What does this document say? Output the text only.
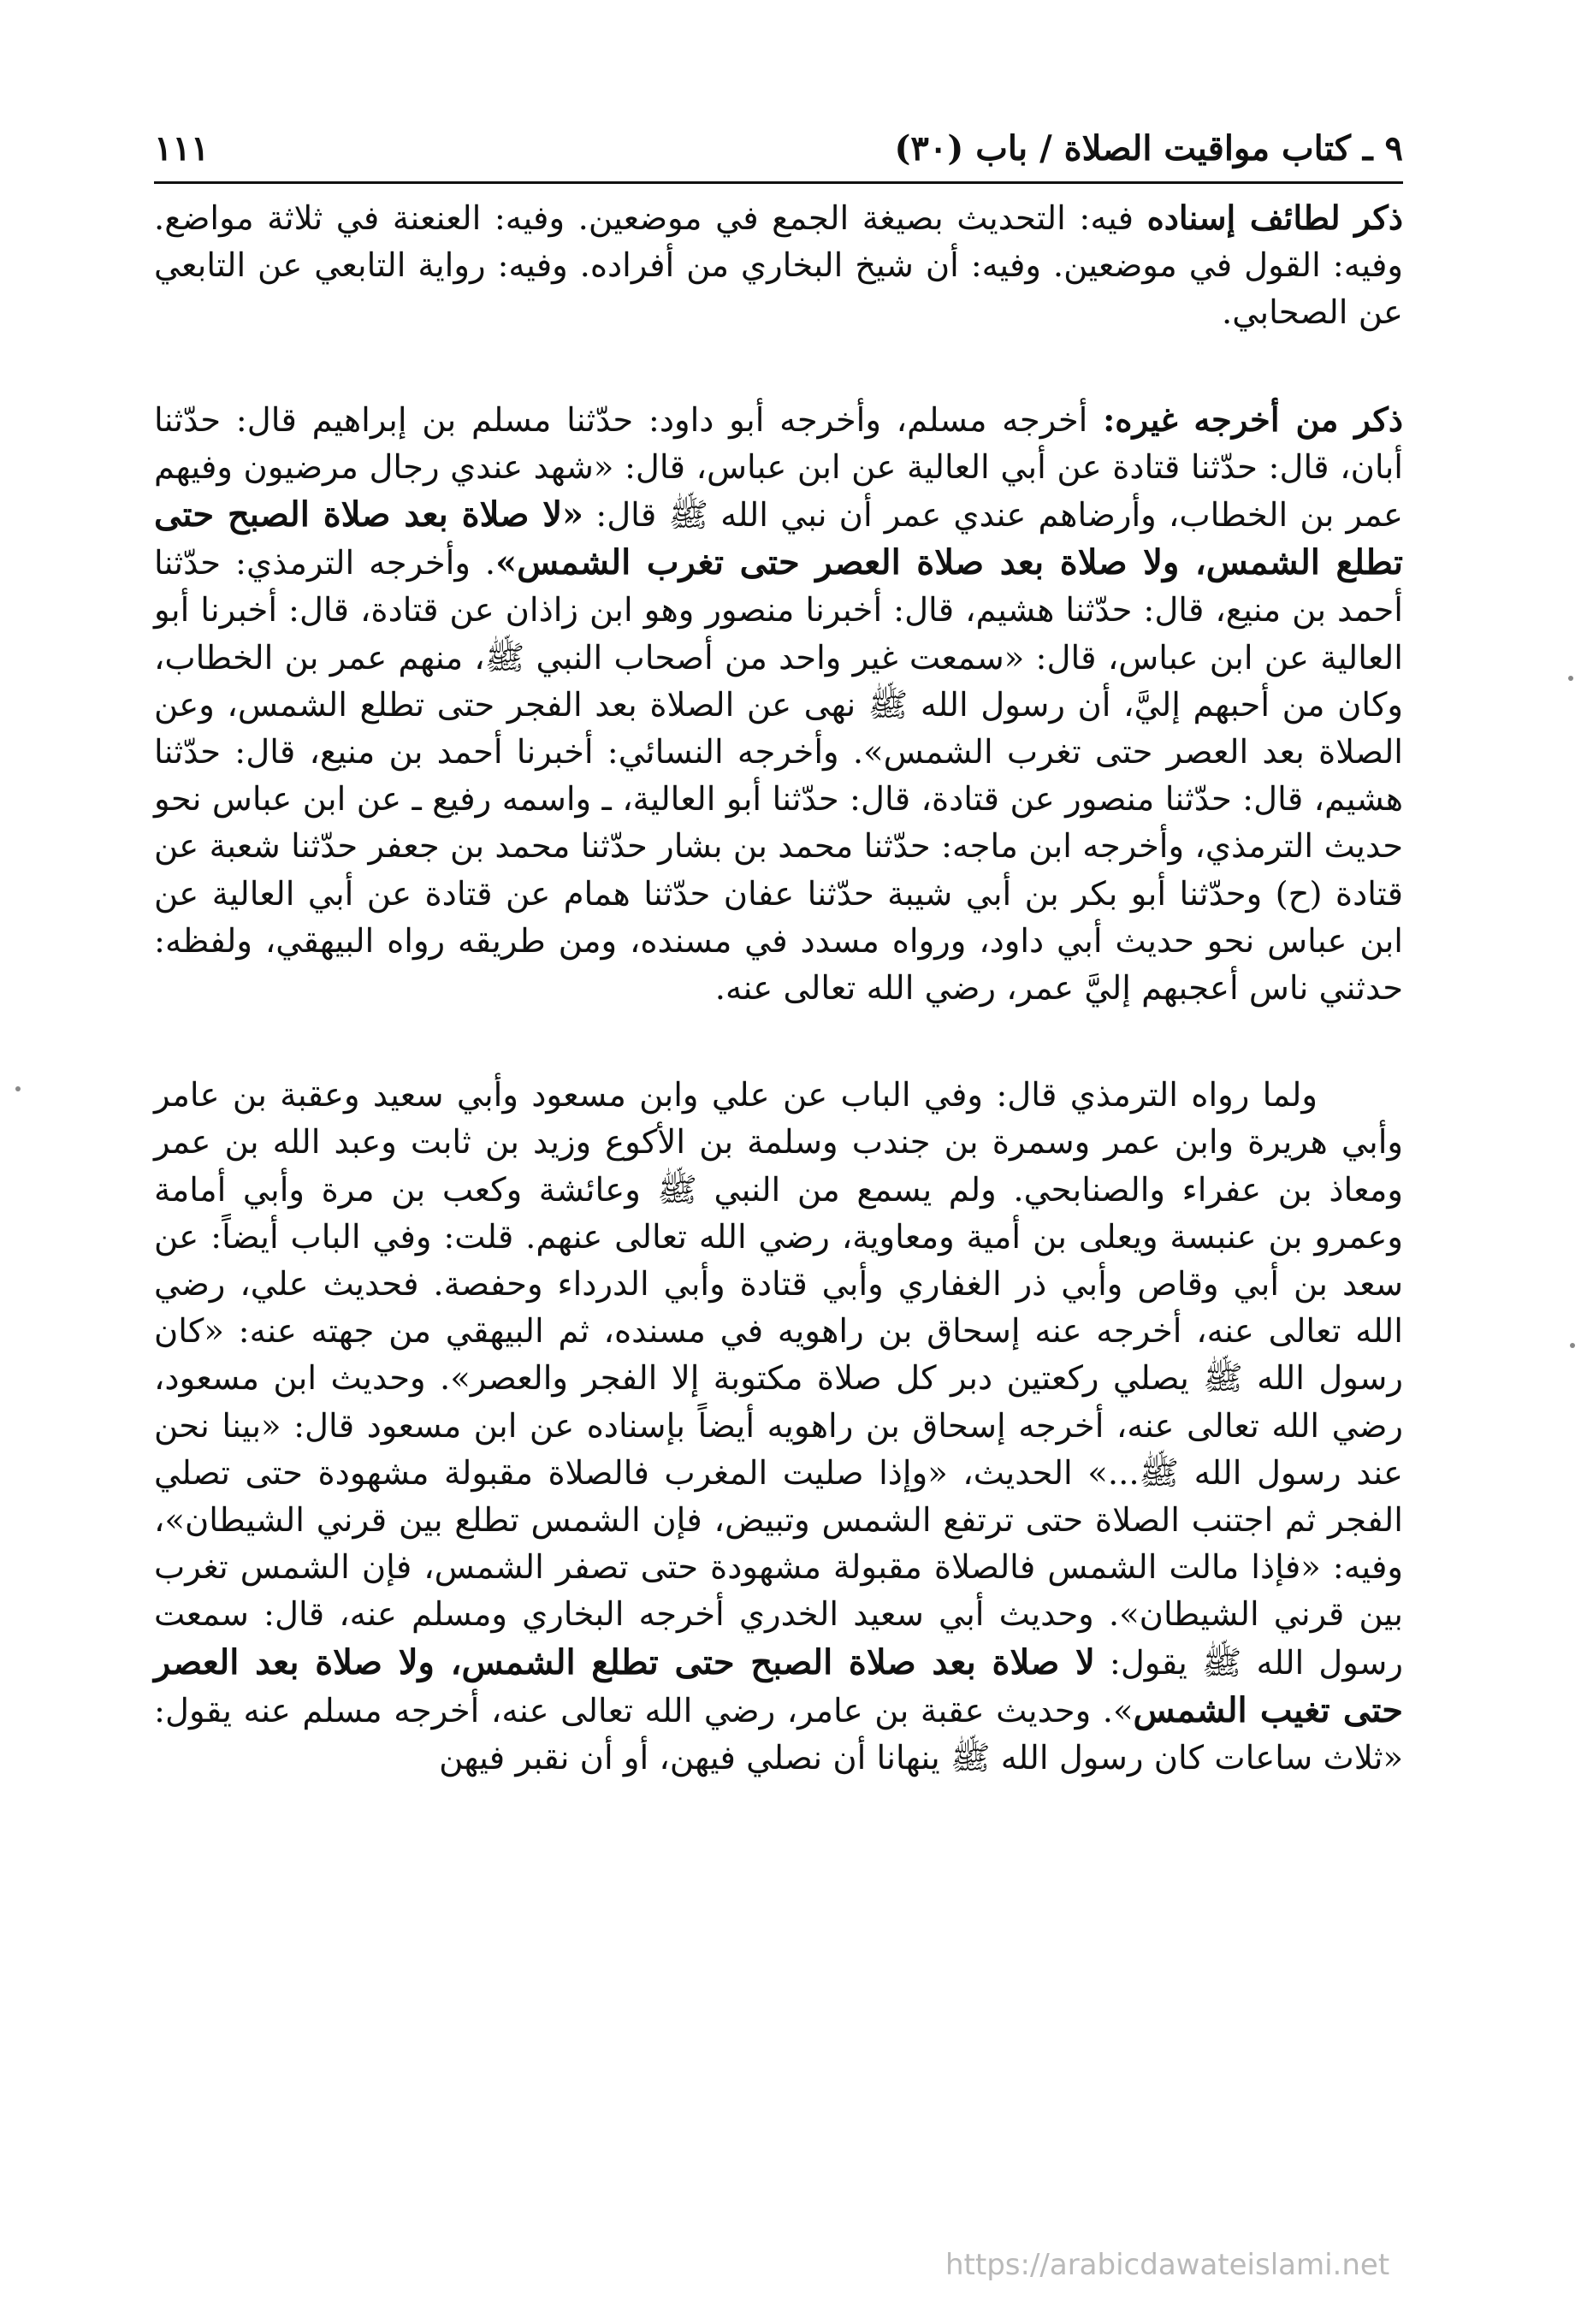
٩ ـ كتاب مواقيت الصلاة / باب (٣٠)
١١١

ذكر لطائف إسناده فيه: التحديث بصيغة الجمع في موضعين. وفيه: العنعنة في ثلاثة مواضع. وفيه: القول في موضعين. وفيه: أن شيخ البخاري من أفراده. وفيه: رواية التابعي عن التابعي عن الصحابي.

ذكر من أخرجه غيره: أخرجه مسلم، وأخرجه أبو داود: حدّثنا مسلم بن إبراهيم قال: حدّثنا أبان، قال: حدّثنا قتادة عن أبي العالية عن ابن عباس، قال: «شهد عندي رجال مرضيون وفيهم عمر بن الخطاب، وأرضاهم عندي عمر أن نبي الله ﷺ قال: «لا صلاة بعد صلاة الصبح حتى تطلع الشمس، ولا صلاة بعد صلاة العصر حتى تغرب الشمس». وأخرجه الترمذي: حدّثنا أحمد بن منيع، قال: حدّثنا هشيم، قال: أخبرنا منصور وهو ابن زاذان عن قتادة، قال: أخبرنا أبو العالية عن ابن عباس، قال: «سمعت غير واحد من أصحاب النبي ﷺ، منهم عمر بن الخطاب، وكان من أحبهم إليَّ، أن رسول الله ﷺ نهى عن الصلاة بعد الفجر حتى تطلع الشمس، وعن الصلاة بعد العصر حتى تغرب الشمس». وأخرجه النسائي: أخبرنا أحمد بن منيع، قال: حدّثنا هشيم، قال: حدّثنا منصور عن قتادة، قال: حدّثنا أبو العالية، ـ واسمه رفيع ـ عن ابن عباس نحو حديث الترمذي، وأخرجه ابن ماجه: حدّثنا محمد بن بشار حدّثنا محمد بن جعفر حدّثنا شعبة عن قتادة (ح) وحدّثنا أبو بكر بن أبي شيبة حدّثنا عفان حدّثنا همام عن قتادة عن أبي العالية عن ابن عباس نحو حديث أبي داود، ورواه مسدد في مسنده، ومن طريقه رواه البيهقي، ولفظه: حدثني ناس أعجبهم إليَّ عمر، رضي الله تعالى عنه.

ولما رواه الترمذي قال: وفي الباب عن علي وابن مسعود وأبي سعيد وعقبة بن عامر وأبي هريرة وابن عمر وسمرة بن جندب وسلمة بن الأكوع وزيد بن ثابت وعبد الله بن عمر ومعاذ بن عفراء والصنابحي. ولم يسمع من النبي ﷺ وعائشة وكعب بن مرة وأبي أمامة وعمرو بن عنبسة ويعلى بن أمية ومعاوية، رضي الله تعالى عنهم. قلت: وفي الباب أيضاً: عن سعد بن أبي وقاص وأبي ذر الغفاري وأبي قتادة وأبي الدرداء وحفصة. فحديث علي، رضي الله تعالى عنه، أخرجه عنه إسحاق بن راهويه في مسنده، ثم البيهقي من جهته عنه: «كان رسول الله ﷺ يصلي ركعتين دبر كل صلاة مكتوبة إلا الفجر والعصر». وحديث ابن مسعود، رضي الله تعالى عنه، أخرجه إسحاق بن راهويه أيضاً بإسناده عن ابن مسعود قال: «بينا نحن عند رسول الله ﷺ...» الحديث، «وإذا صليت المغرب فالصلاة مقبولة مشهودة حتى تصلي الفجر ثم اجتنب الصلاة حتى ترتفع الشمس وتبيض، فإن الشمس تطلع بين قرني الشيطان»، وفيه: «فإذا مالت الشمس فالصلاة مقبولة مشهودة حتى تصفر الشمس، فإن الشمس تغرب بين قرني الشيطان». وحديث أبي سعيد الخدري أخرجه البخاري ومسلم عنه، قال: سمعت رسول الله ﷺ يقول: لا صلاة بعد صلاة الصبح حتى تطلع الشمس، ولا صلاة بعد العصر حتى تغيب الشمس». وحديث عقبة بن عامر، رضي الله تعالى عنه، أخرجه مسلم عنه يقول: «ثلاث ساعات كان رسول الله ﷺ ينهانا أن نصلي فيهن، أو أن نقبر فيهن

https://arabicdawateislami.net
